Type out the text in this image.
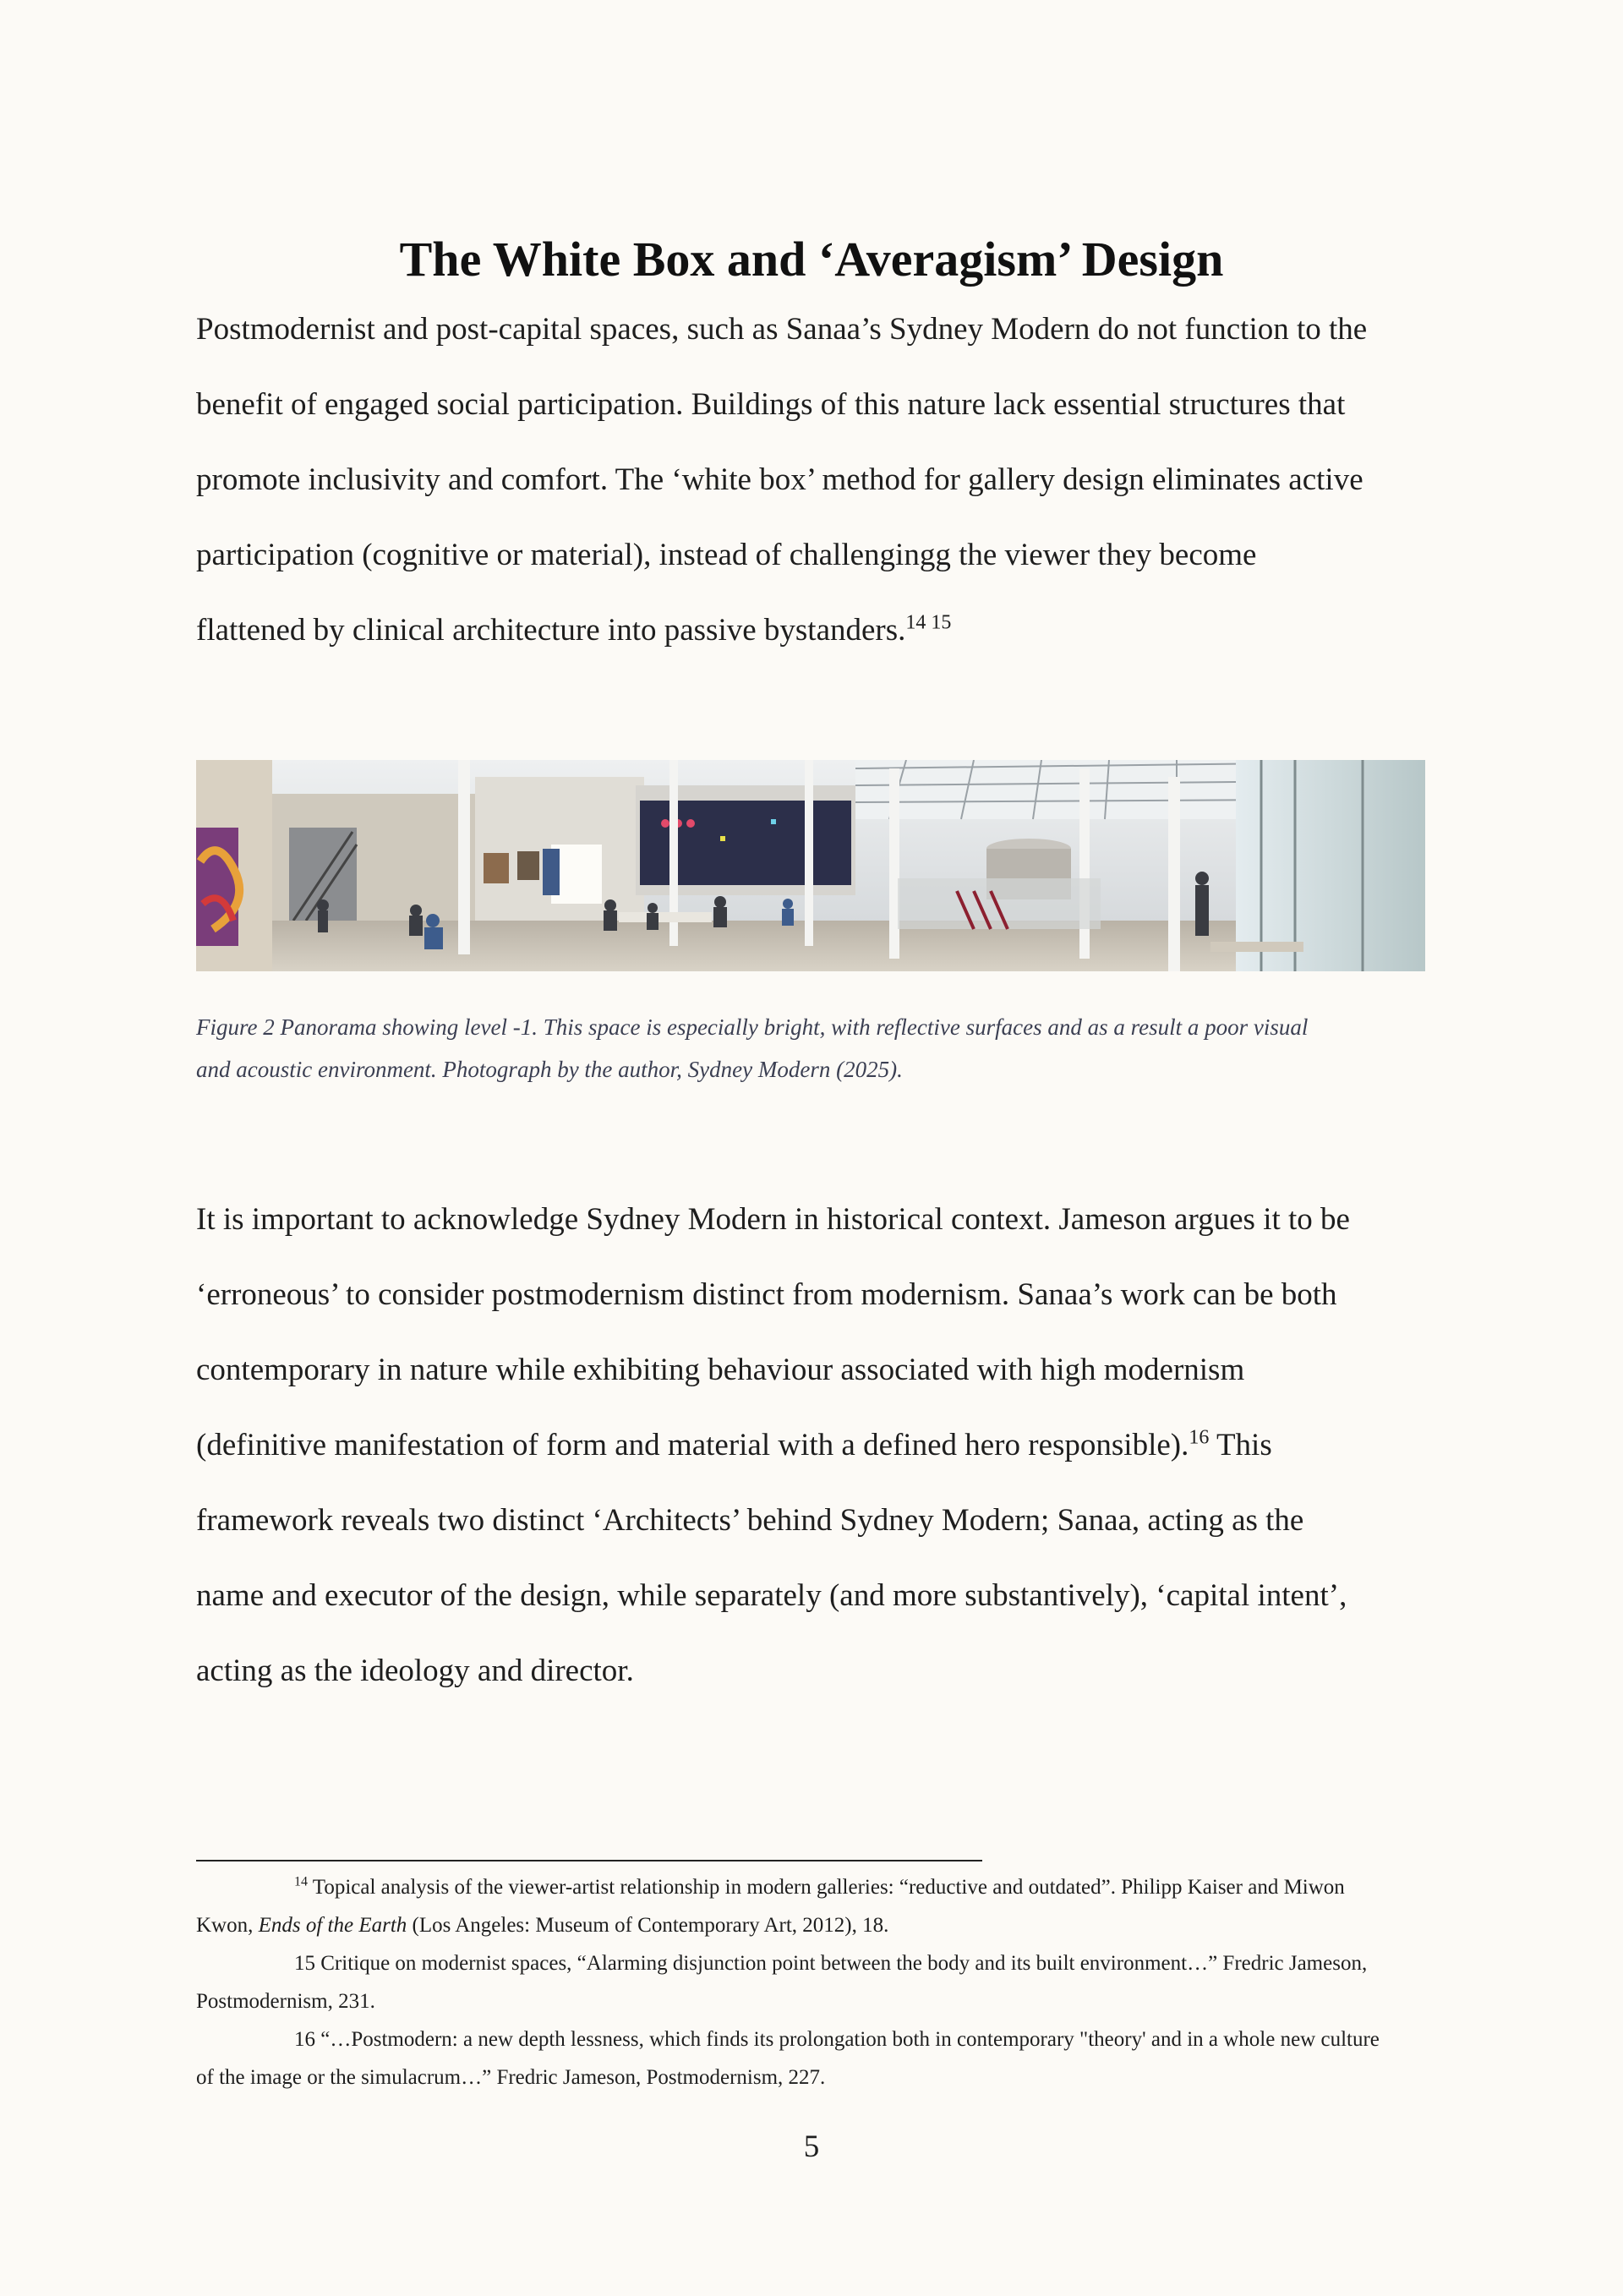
The White Box and ‘Averagism’ Design

Postmodernist and post-capital spaces, such as Sanaa’s Sydney Modern do not function to the
benefit of engaged social participation. Buildings of this nature lack essential structures that
promote inclusivity and comfort. The ‘white box’ method for gallery design eliminates active
participation (cognitive or material), instead of challengingg the viewer they become
flattened by clinical architecture into passive bystanders.$^{14 15}$

Figure 2 Panorama showing level -1. This space is especially bright, with reflective surfaces and as a result a poor visual
and acoustic environment. Photograph by the author, Sydney Modern (2025).

It is important to acknowledge Sydney Modern in historical context. Jameson argues it to be
‘erroneous’ to consider postmodernism distinct from modernism. Sanaa’s work can be both
contemporary in nature while exhibiting behaviour associated with high modernism
(definitive manifestation of form and material with a defined hero responsible).$^{16}$ This
framework reveals two distinct ‘Architects’ behind Sydney Modern; Sanaa, acting as the
name and executor of the design, while separately (and more substantively), ‘capital intent’,
acting as the ideology and director.

$^{14}$ Topical analysis of the viewer-artist relationship in modern galleries: “reductive and outdated”. Philipp Kaiser and Miwon
Kwon, Ends of the Earth (Los Angeles: Museum of Contemporary Art, 2012), 18.
15 Critique on modernist spaces, “Alarming disjunction point between the body and its built environment…” Fredric Jameson,
Postmodernism, 231.
16 “…Postmodern: a new depth lessness, which finds its prolongation both in contemporary "theory' and in a whole new culture
of the image or the simulacrum…” Fredric Jameson, Postmodernism, 227.
5
